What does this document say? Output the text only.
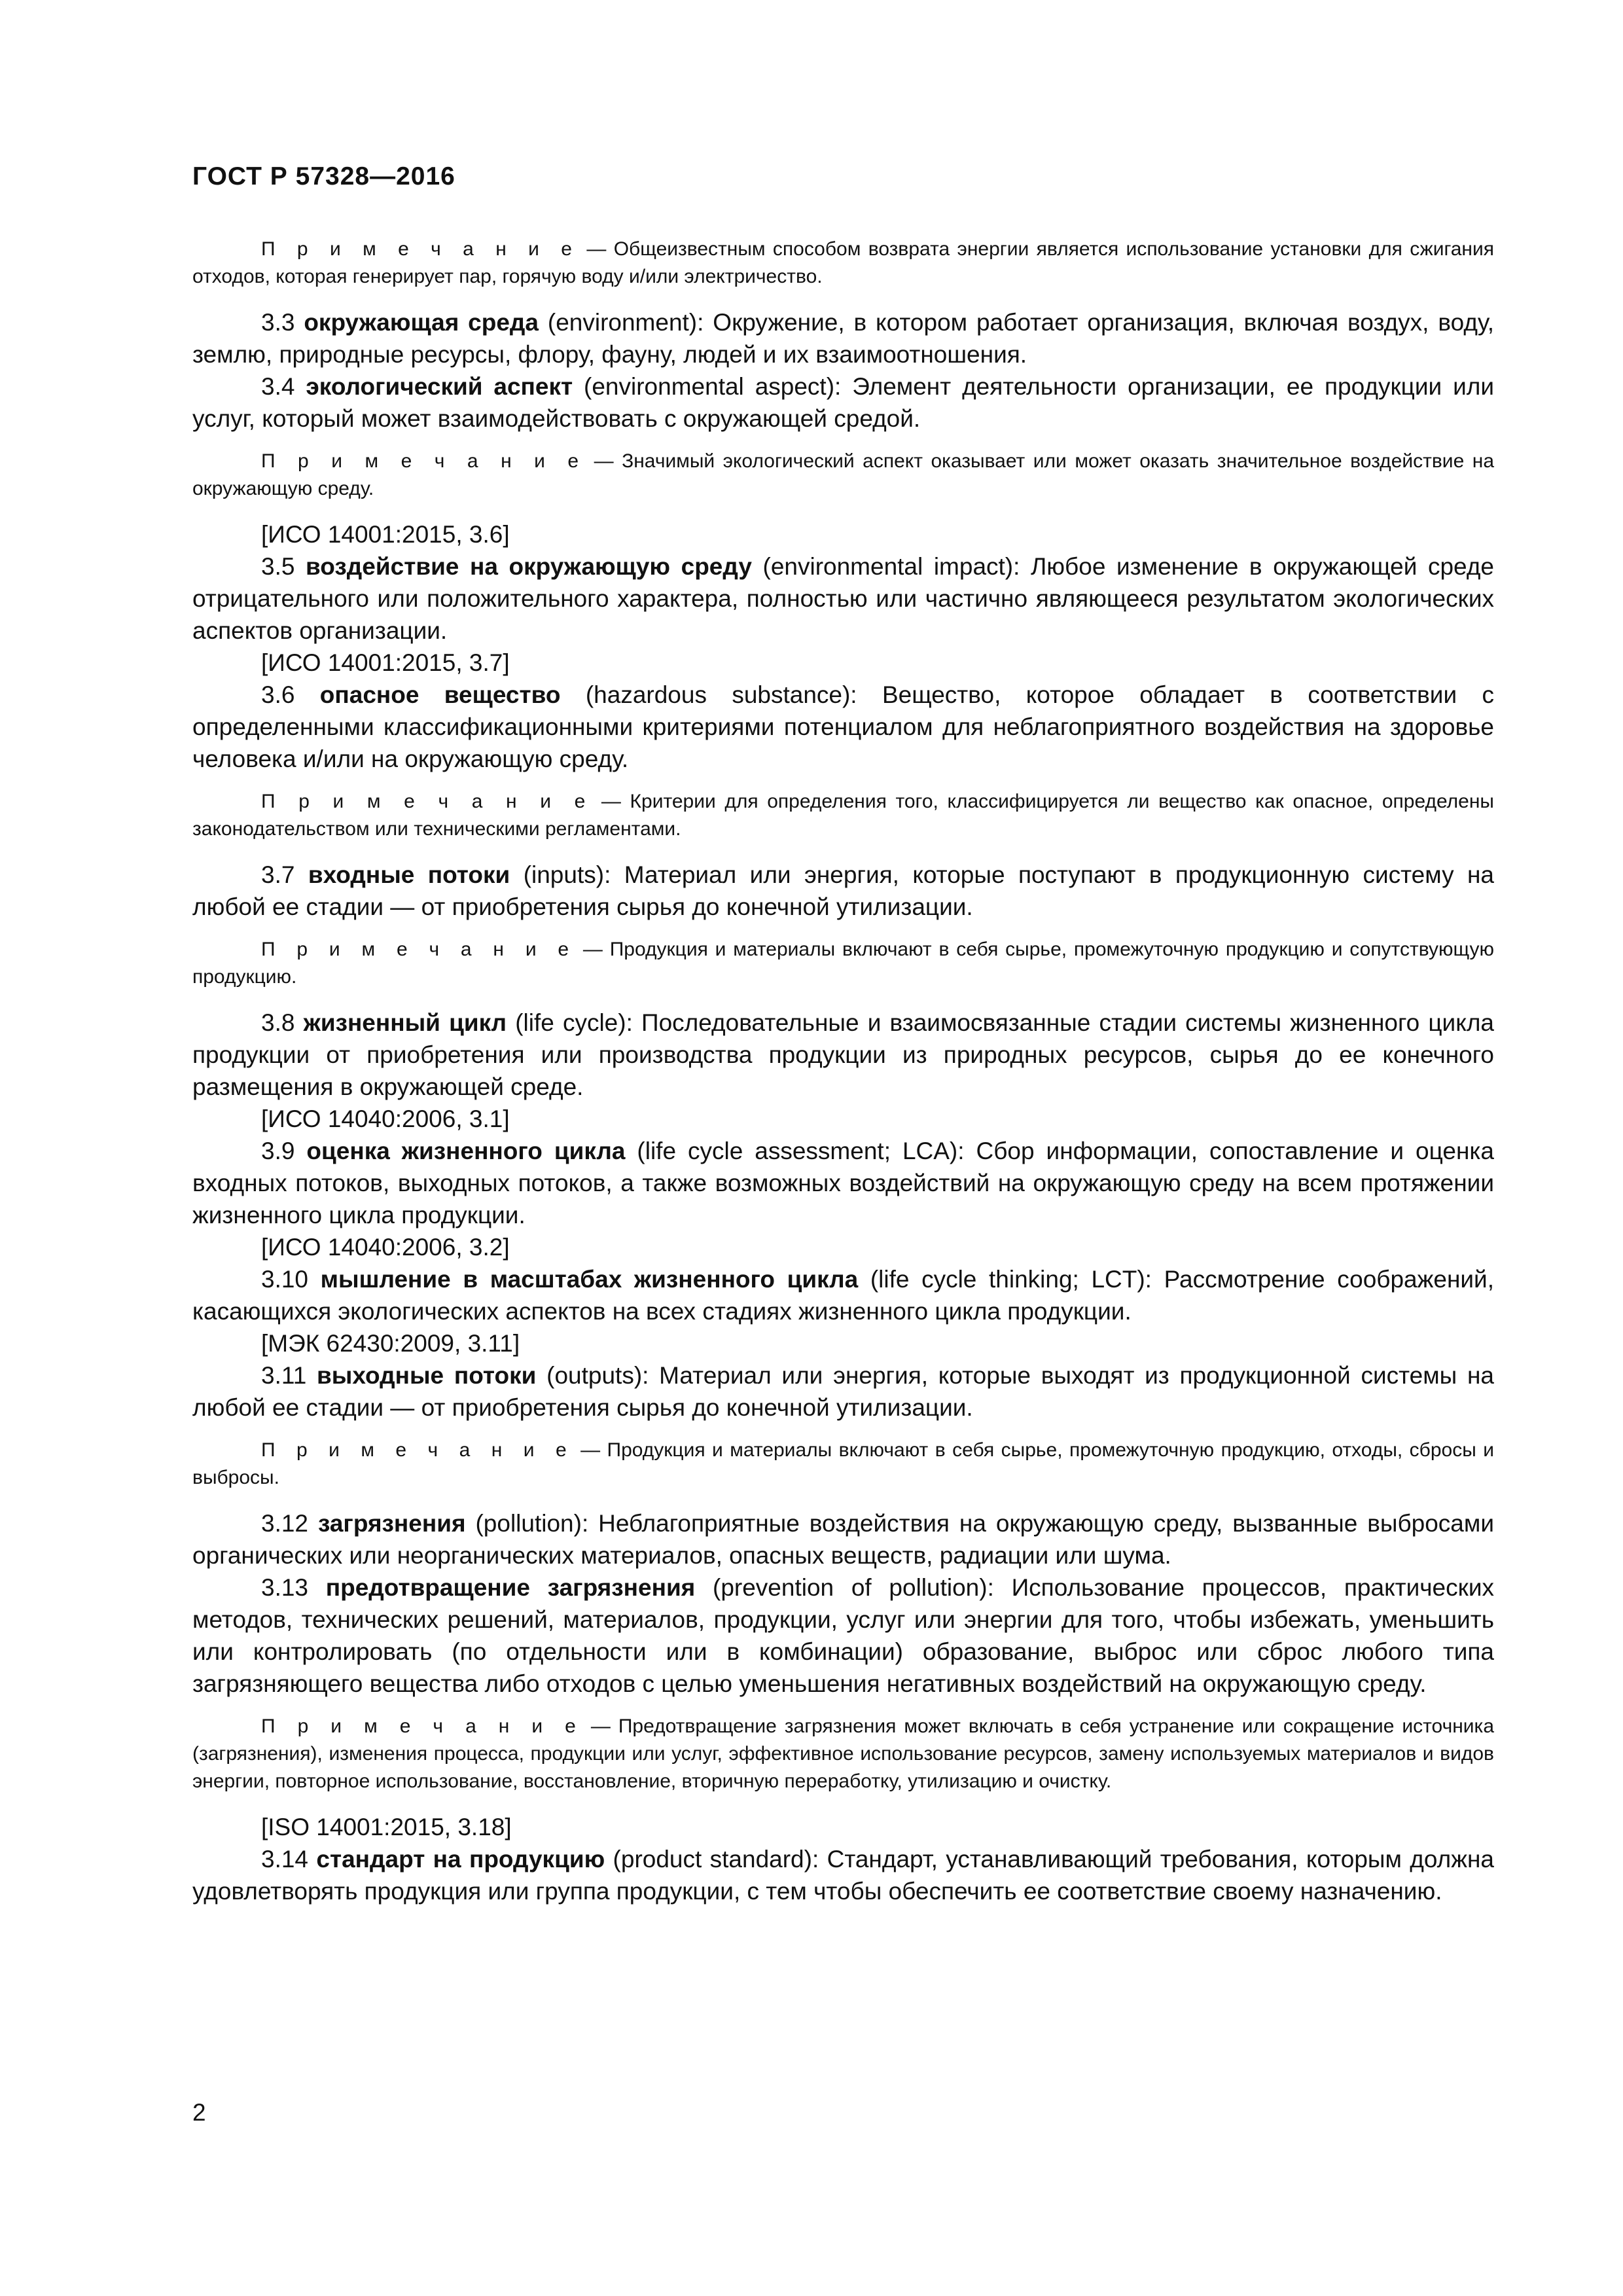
ГОСТ Р 57328—2016

П р и м е ч а н и е — Общеизвестным способом возврата энергии является использование установки для сжигания отходов, которая генерирует пар, горячую воду и/или электричество.

3.3 окружающая среда (environment): Окружение, в котором работает организация, включая воздух, воду, землю, природные ресурсы, флору, фауну, людей и их взаимоотношения.

3.4 экологический аспект (environmental aspect): Элемент деятельности организации, ее продукции или услуг, который может взаимодействовать с окружающей средой.

П р и м е ч а н и е — Значимый экологический аспект оказывает или может оказать значительное воздействие на окружающую среду.

[ИСО 14001:2015, 3.6]

3.5 воздействие на окружающую среду (environmental impact): Любое изменение в окружающей среде отрицательного или положительного характера, полностью или частично являющееся результатом экологических аспектов организации.

[ИСО 14001:2015, 3.7]

3.6 опасное вещество (hazardous substance): Вещество, которое обладает в соответствии с определенными классификационными критериями потенциалом для неблагоприятного воздействия на здоровье человека и/или на окружающую среду.

П р и м е ч а н и е — Критерии для определения того, классифицируется ли вещество как опасное, определены законодательством или техническими регламентами.

3.7 входные потоки (inputs): Материал или энергия, которые поступают в продукционную систему на любой ее стадии — от приобретения сырья до конечной утилизации.

П р и м е ч а н и е — Продукция и материалы включают в себя сырье, промежуточную продукцию и сопутствующую продукцию.

3.8 жизненный цикл (life cycle): Последовательные и взаимосвязанные стадии системы жизненного цикла продукции от приобретения или производства продукции из природных ресурсов, сырья до ее конечного размещения в окружающей среде.

[ИСО 14040:2006, 3.1]

3.9 оценка жизненного цикла (life cycle assessment; LCA): Сбор информации, сопоставление и оценка входных потоков, выходных потоков, а также возможных воздействий на окружающую среду на всем протяжении жизненного цикла продукции.

[ИСО 14040:2006, 3.2]

3.10 мышление в масштабах жизненного цикла (life cycle thinking; LCT): Рассмотрение соображений, касающихся экологических аспектов на всех стадиях жизненного цикла продукции.

[МЭК 62430:2009, 3.11]

3.11 выходные потоки (outputs): Материал или энергия, которые выходят из продукционной системы на любой ее стадии — от приобретения сырья до конечной утилизации.

П р и м е ч а н и е — Продукция и материалы включают в себя сырье, промежуточную продукцию, отходы, сбросы и выбросы.

3.12 загрязнения (pollution): Неблагоприятные воздействия на окружающую среду, вызванные выбросами органических или неорганических материалов, опасных веществ, радиации или шума.

3.13 предотвращение загрязнения (prevention of pollution): Использование процессов, практических методов, технических решений, материалов, продукции, услуг или энергии для того, чтобы избежать, уменьшить или контролировать (по отдельности или в комбинации) образование, выброс или сброс любого типа загрязняющего вещества либо отходов с целью уменьшения негативных воздействий на окружающую среду.

П р и м е ч а н и е — Предотвращение загрязнения может включать в себя устранение или сокращение источника (загрязнения), изменения процесса, продукции или услуг, эффективное использование ресурсов, замену используемых материалов и видов энергии, повторное использование, восстановление, вторичную переработку, утилизацию и очистку.

[ISO 14001:2015, 3.18]

3.14 стандарт на продукцию (product standard): Стандарт, устанавливающий требования, которым должна удовлетворять продукция или группа продукции, с тем чтобы обеспечить ее соответствие своему назначению.

2
